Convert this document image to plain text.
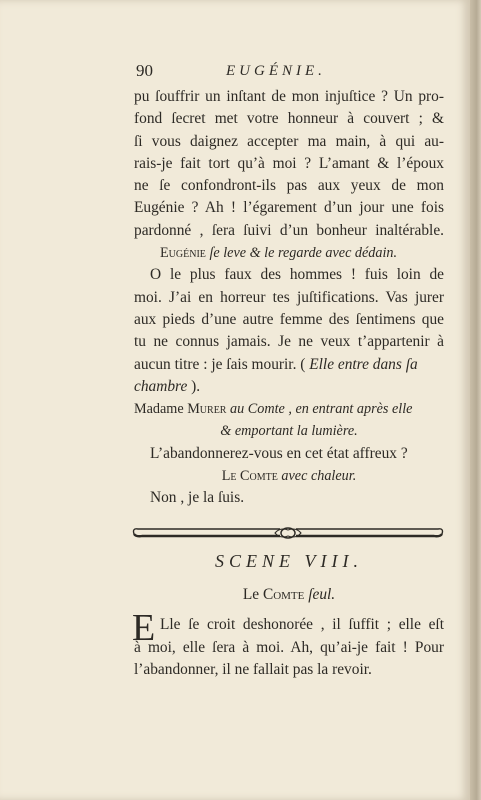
90	EUGÉNIE.
pu ſouffrir un inſtant de mon injuſtice ? Un pro-
fond ſecret met votre honneur à couvert ; &
ſi vous daignez accepter ma main, à qui au-
rais-je fait tort qu’à moi ? L’amant & l’époux
ne ſe confondront-ils pas aux yeux de mon
Eugénie ? Ah ! l’égarement d’un jour une fois
pardonné , ſera ſuivi d’un bonheur inaltérable.
Eugénie ſe leve & le regarde avec dédain.
O le plus faux des hommes ! fuis loin de
moi. J’ai en horreur tes juſtifications. Vas jurer
aux pieds d’une autre femme des ſentimens que
tu ne connus jamais. Je ne veux t’appartenir à
aucun titre : je ſais mourir. ( Elle entre dans ſa
chambre ).
Madame Murer au Comte , en entrant après elle
& emportant la lumière.
L’abandonnerez-vous en cet état affreux ?
Le Comte avec chaleur.
Non , je la ſuis.
SCENE VIII.
Le Comte ſeul.
E Lle ſe croit deshonorée , il ſuffit ; elle eſt
à moi, elle ſera à moi. Ah, qu’ai-je fait ! Pour
l’abandonner, il ne fallait pas la revoir.
